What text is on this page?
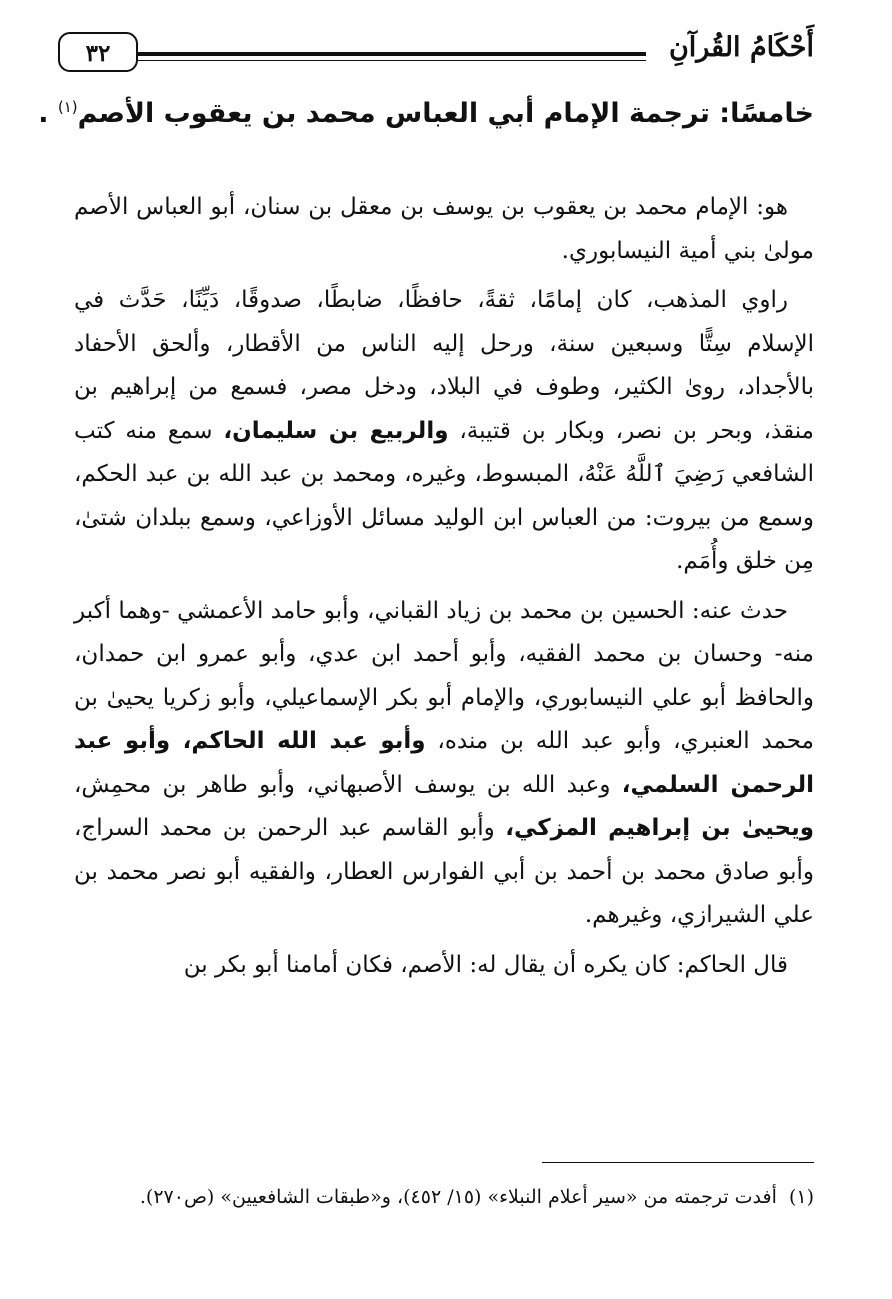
أَحْكَامُ القُرآنِ
٣٢
خامسًا: ترجمة الإمام أبي العباس محمد بن يعقوب الأصم$^{(١)}$ .

هو: الإمام محمد بن يعقوب بن يوسف بن معقل بن سنان، أبو العباس الأصم مولىٰ بني أمية النيسابوري.

راوي المذهب، كان إمامًا، ثقةً، حافظًا، ضابطًا، صدوقًا، دَيِّنًا، حَدَّث في الإسلام سِتًّا وسبعين سنة، ورحل إليه الناس من الأقطار، وألحق الأحفاد بالأجداد، روىٰ الكثير، وطوف في البلاد، ودخل مصر، فسمع من إبراهيم بن منقذ، وبحر بن نصر، وبكار بن قتيبة، والربيع بن سليمان، سمع منه كتب الشافعي رَضِيَ ٱللَّهُ عَنْهُ، المبسوط، وغيره، ومحمد بن عبد الله بن عبد الحكم، وسمع من بيروت: من العباس ابن الوليد مسائل الأوزاعي، وسمع ببلدان شتىٰ، مِن خلق وأُمَم.

حدث عنه: الحسين بن محمد بن زياد القباني، وأبو حامد الأعمشي -وهما أكبر منه- وحسان بن محمد الفقيه، وأبو أحمد ابن عدي، وأبو عمرو ابن حمدان، والحافظ أبو علي النيسابوري، والإمام أبو بكر الإسماعيلي، وأبو زكريا يحيىٰ بن محمد العنبري، وأبو عبد الله بن منده، وأبو عبد الله الحاكم، وأبو عبد الرحمن السلمي، وعبد الله بن يوسف الأصبهاني، وأبو طاهر بن محمِش، ويحيىٰ بن إبراهيم المزكي، وأبو القاسم عبد الرحمن بن محمد السراج، وأبو صادق محمد بن أحمد بن أبي الفوارس العطار، والفقيه أبو نصر محمد بن علي الشيرازي، وغيرهم.

قال الحاكم: كان يكره أن يقال له: الأصم، فكان أمامنا أبو بكر بن

(١) أفدت ترجمته من «سير أعلام النبلاء» (١٥/ ٤٥٢)، و«طبقات الشافعيين» (ص٢٧٠).
